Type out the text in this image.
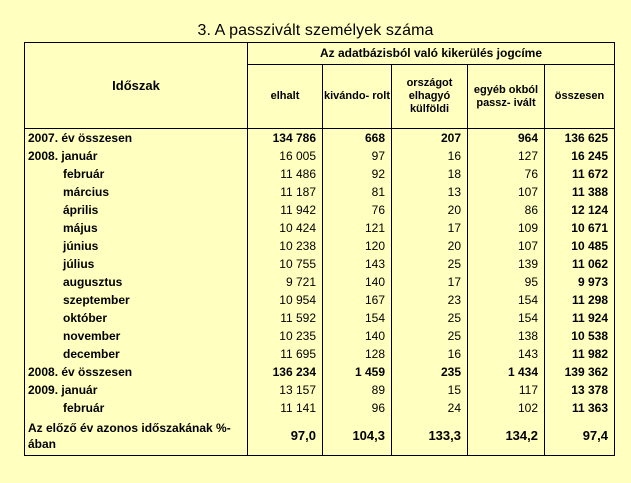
3. A passzivált személyek száma
Időszak	Az adatbázisból való kikerülés jogcíme				
	elhalt	kivándo- rolt	országot elhagyó külföldi	egyéb okból passz- ivált	összesen
2007. év összesen	134 786	668	207	964	136 625
2008. január	16 005	97	16	127	16 245
február	11 486	92	18	76	11 672
március	11 187	81	13	107	11 388
április	11 942	76	20	86	12 124
május	10 424	121	17	109	10 671
június	10 238	120	20	107	10 485
július	10 755	143	25	139	11 062
augusztus	9 721	140	17	95	9 973
szeptember	10 954	167	23	154	11 298
október	11 592	154	25	154	11 924
november	10 235	140	25	138	10 538
december	11 695	128	16	143	11 982
2008. év összesen	136 234	1 459	235	1 434	139 362
2009. január	13 157	89	15	117	13 378
február	11 141	96	24	102	11 363
Az előző év azonos időszakának %-ában	97,0	104,3	133,3	134,2	97,4
